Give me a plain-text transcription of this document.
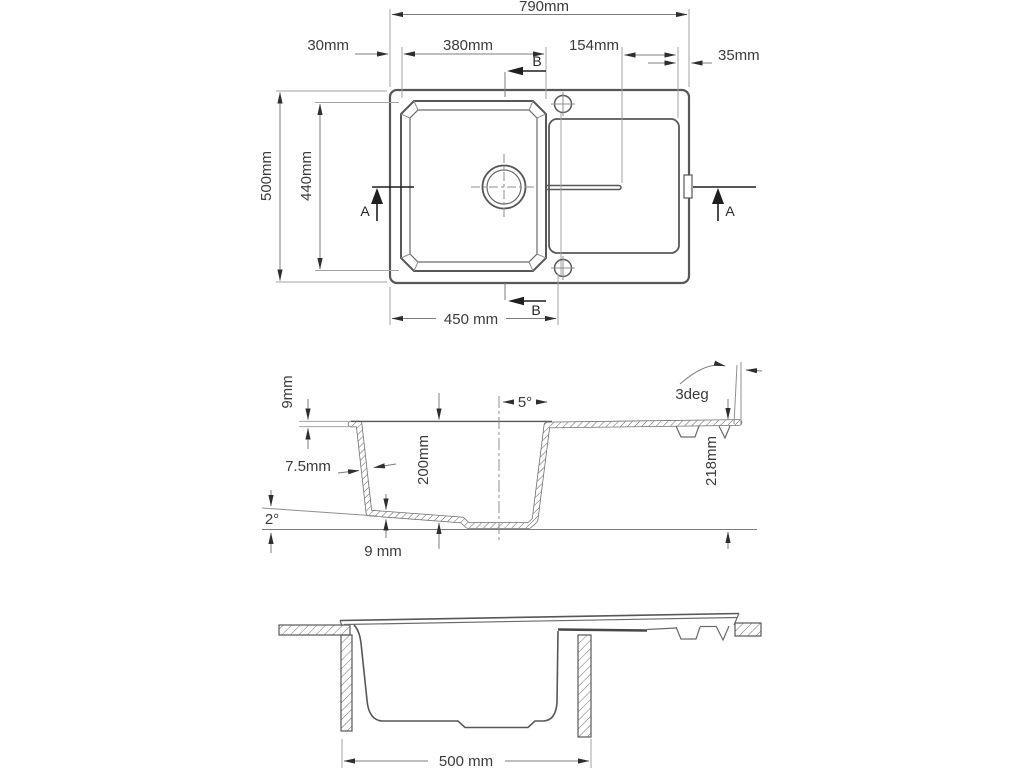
790mm
380mm
30mm	154mm
35mm
500mm 440mm
450 mm
A	A
B
B
9mm
7.5mm	200mm
5°	3deg
218mm
2°
9 mm
500 mm
